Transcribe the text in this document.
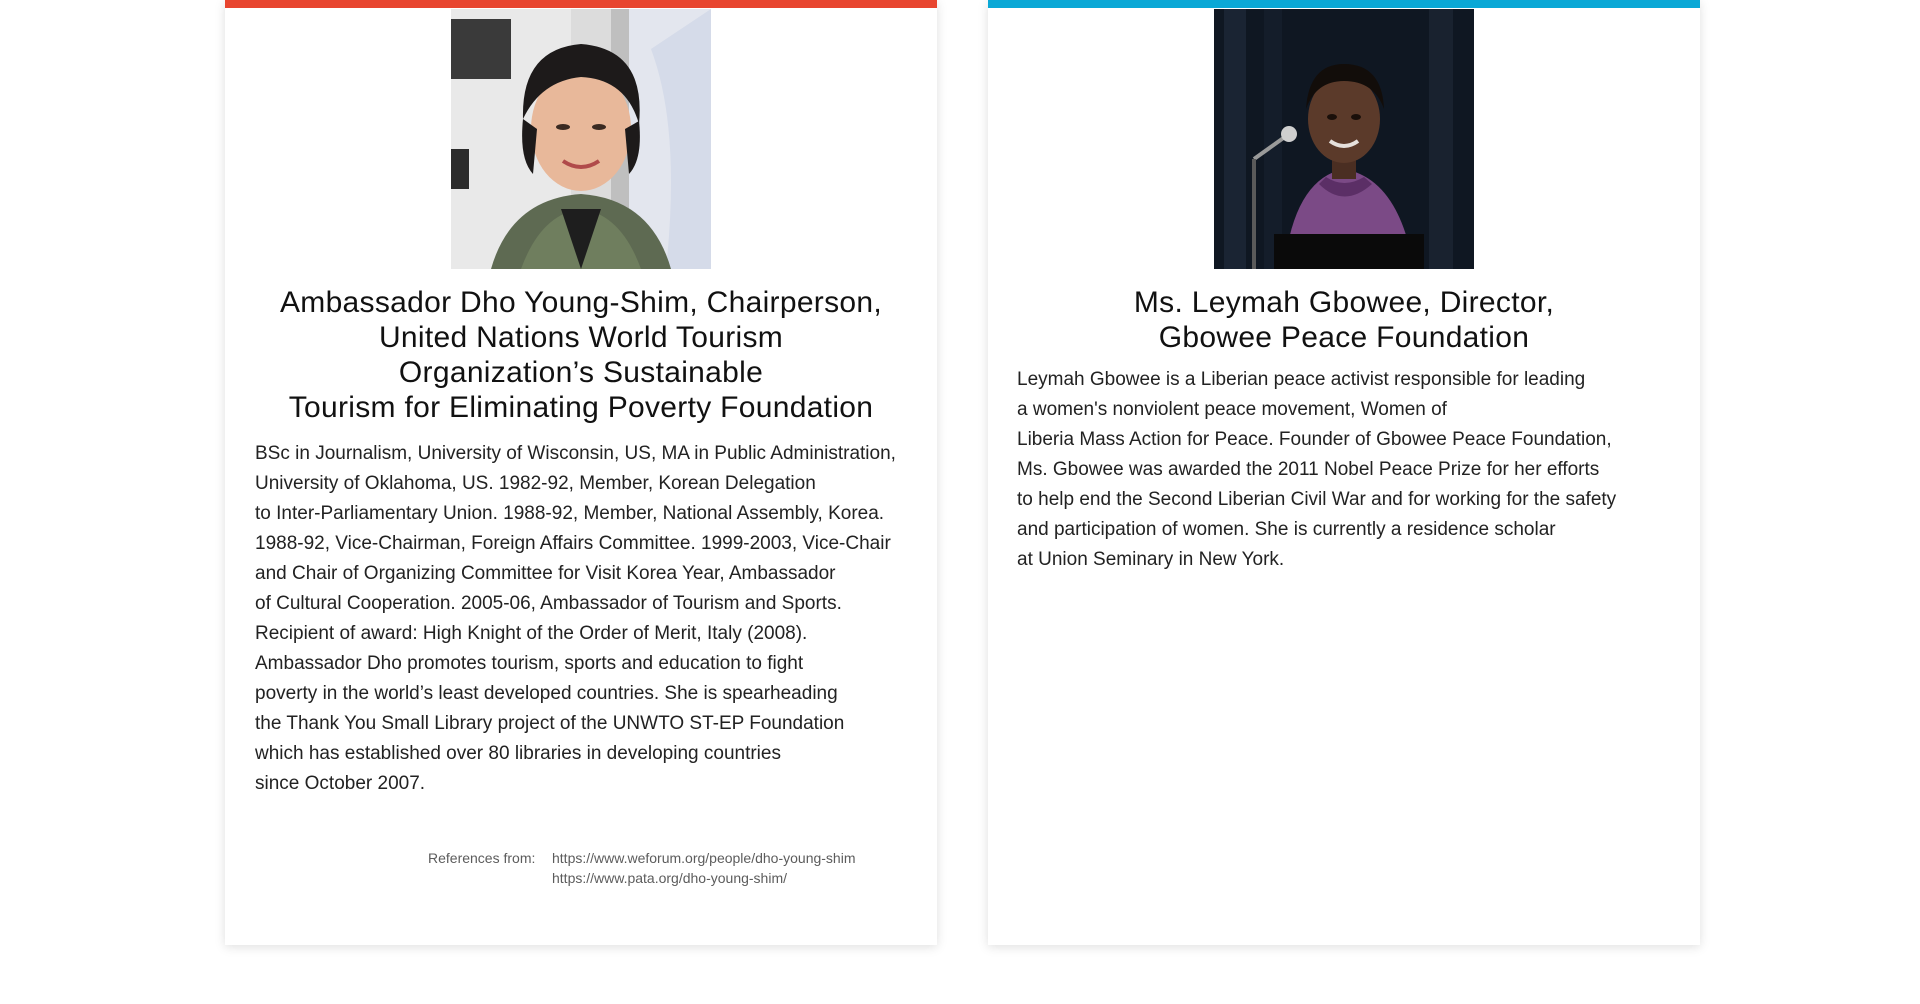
Ambassador Dho Young-Shim, Chairperson,
United Nations World Tourism
Organization’s Sustainable
Tourism for Eliminating Poverty Foundation
BSc in Journalism, University of Wisconsin, US, MA in Public Administration,
University of Oklahoma, US. 1982-92, Member, Korean Delegation
to Inter-Parliamentary Union. 1988-92, Member, National Assembly, Korea.
1988-92, Vice-Chairman, Foreign Affairs Committee. 1999-2003, Vice-Chair
and Chair of Organizing Committee for Visit Korea Year, Ambassador
of Cultural Cooperation. 2005-06, Ambassador of Tourism and Sports.
Recipient of award: High Knight of the Order of Merit, Italy (2008).
Ambassador Dho promotes tourism, sports and education to fight
poverty in the world’s least developed countries. She is spearheading
the Thank You Small Library project of the UNWTO ST-EP Foundation
which has established over 80 libraries in developing countries
since October 2007.
References from:	https://www.weforum.org/people/dho-young-shim
https://www.pata.org/dho-young-shim/
Ms. Leymah Gbowee, Director,
Gbowee Peace Foundation
Leymah Gbowee is a Liberian peace activist responsible for leading
a women's nonviolent peace movement, Women of
Liberia Mass Action for Peace. Founder of Gbowee Peace Foundation,
Ms. Gbowee was awarded the 2011 Nobel Peace Prize for her efforts
to help end the Second Liberian Civil War and for working for the safety
and participation of women. She is currently a residence scholar
at Union Seminary in New York.
